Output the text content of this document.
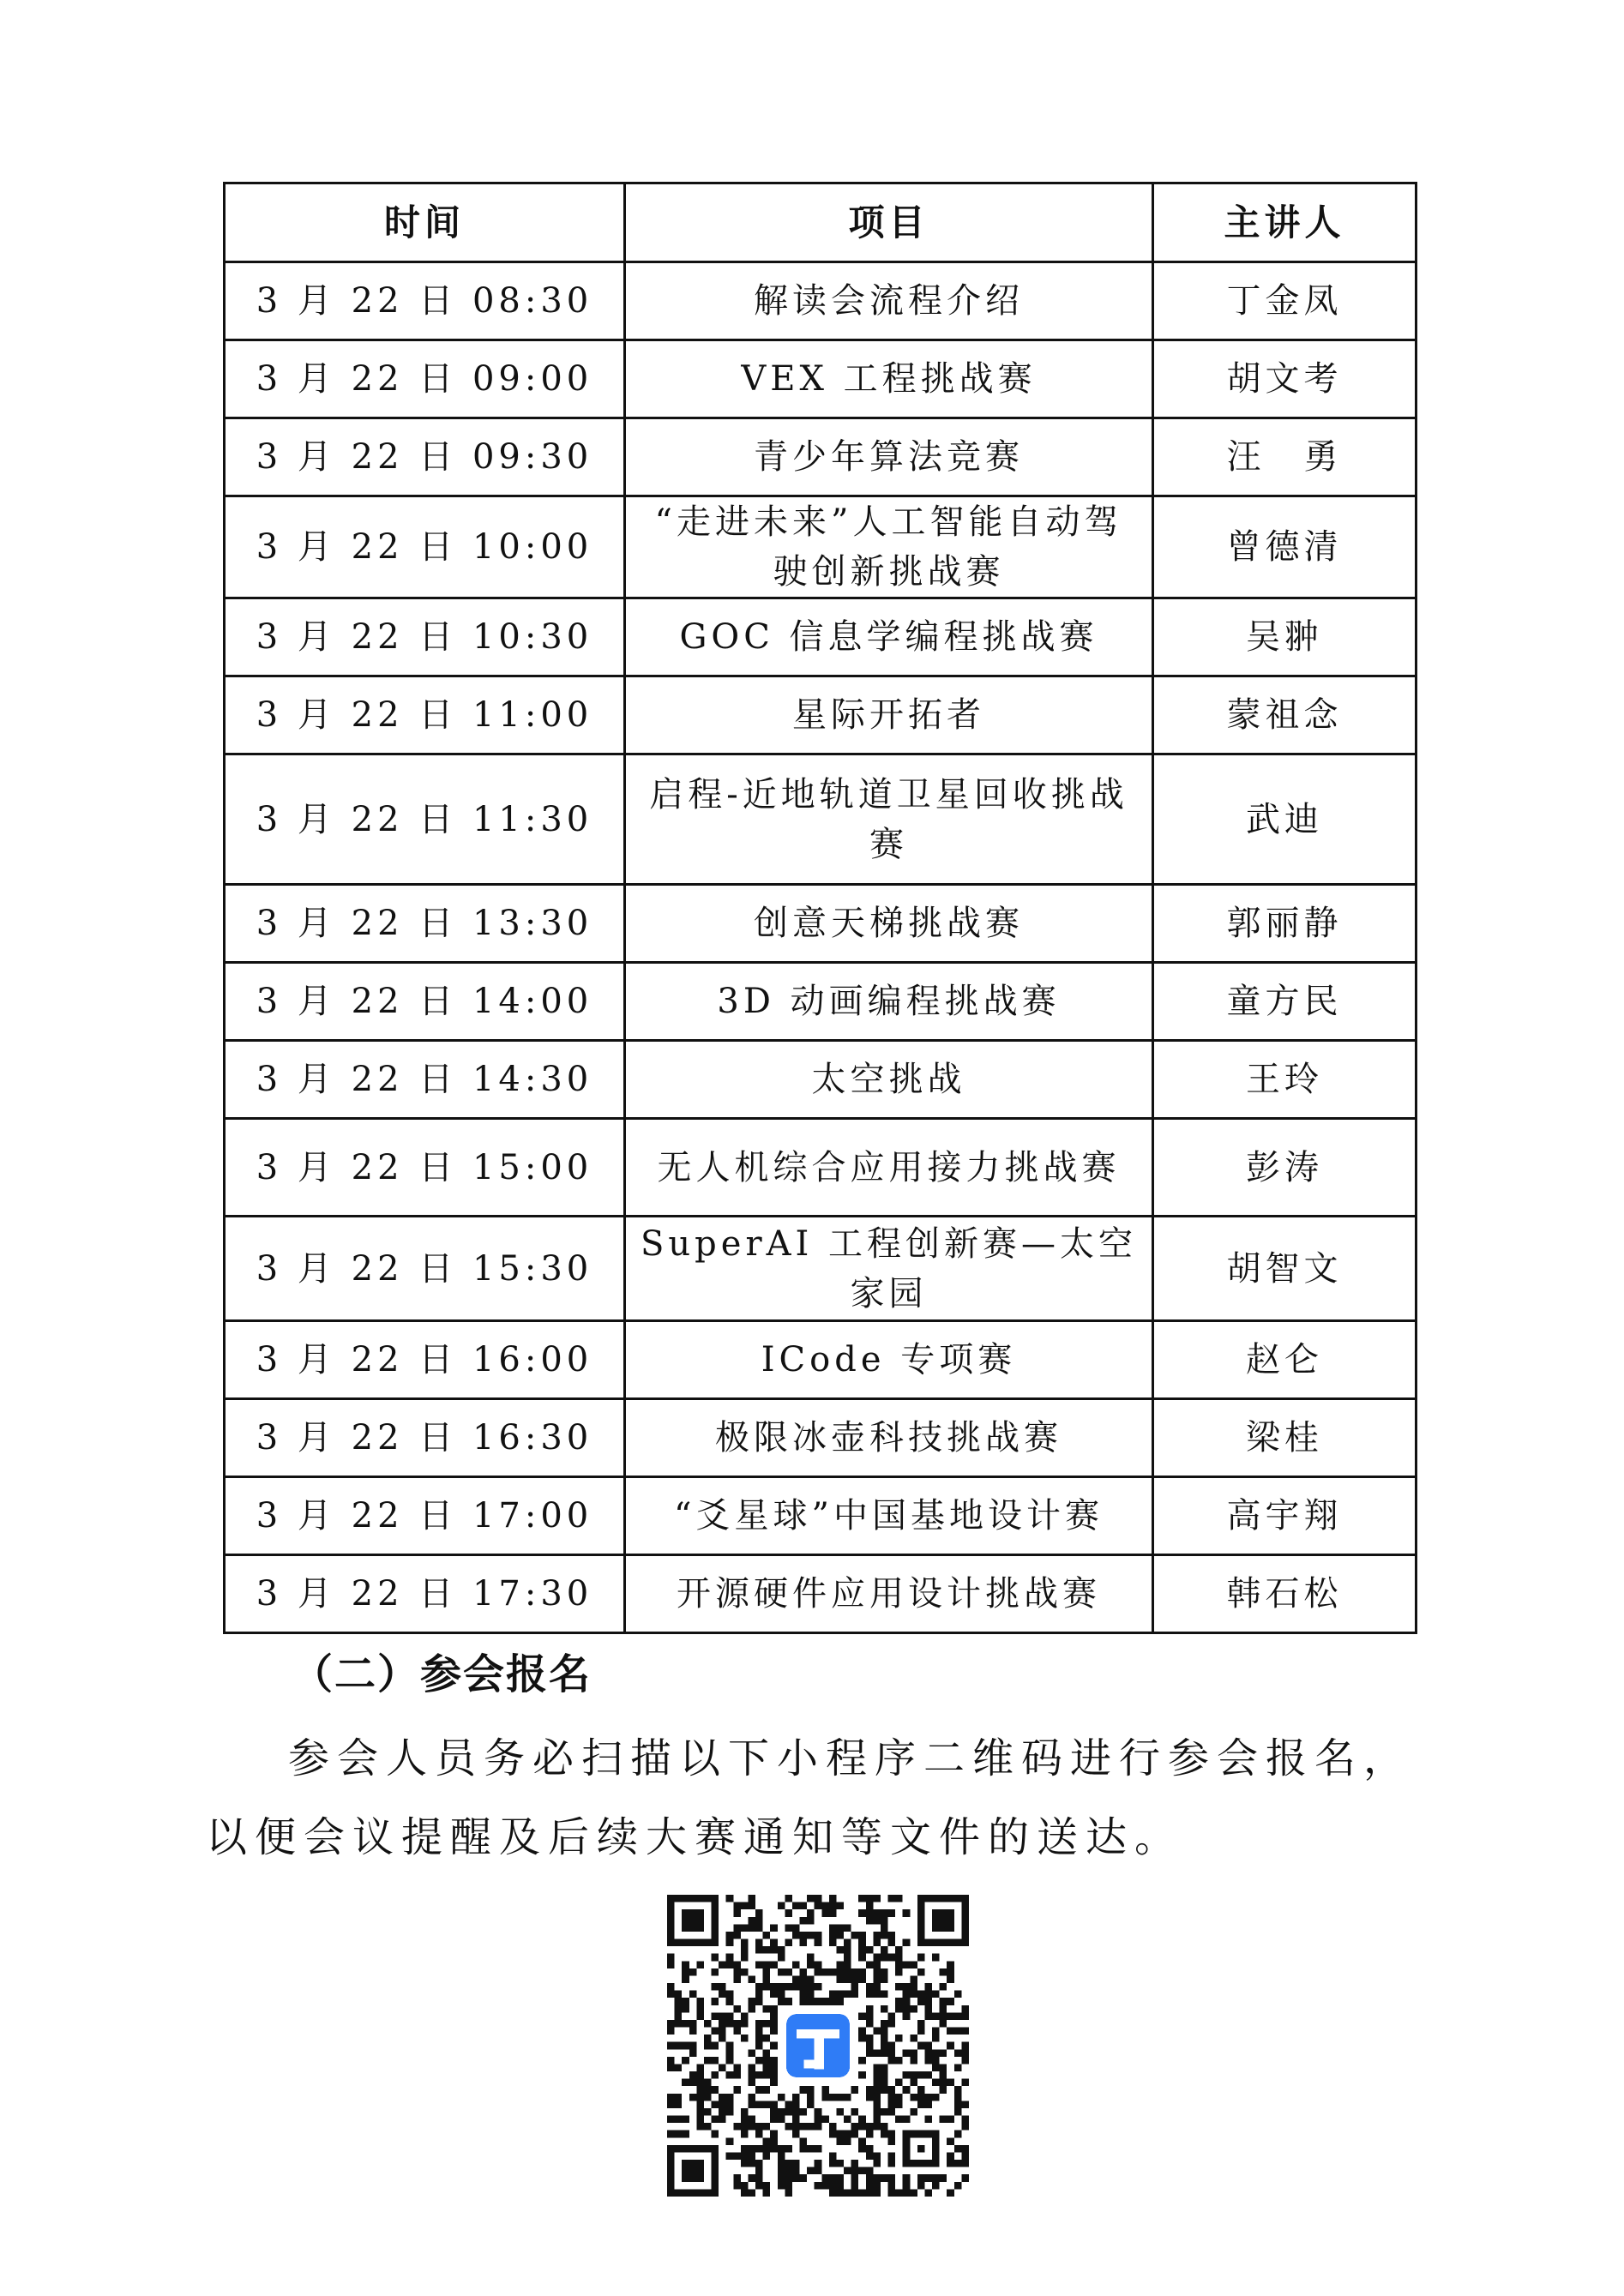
时间	项目	主讲人
3 月 22 日 08:30	解读会流程介绍	丁金凤
3 月 22 日 09:00	VEX 工程挑战赛	胡文考
3 月 22 日 09:30	青少年算法竞赛	汪　勇
3 月 22 日 10:00	“走进未来”人工智能自动驾驶创新挑战赛	曾德清
3 月 22 日 10:30	GOC 信息学编程挑战赛	吴翀
3 月 22 日 11:00	星际开拓者	蒙祖念
3 月 22 日 11:30	启程-近地轨道卫星回收挑战赛	武迪
3 月 22 日 13:30	创意天梯挑战赛	郭丽静
3 月 22 日 14:00	3D 动画编程挑战赛	童方民
3 月 22 日 14:30	太空挑战	王玲
3 月 22 日 15:00	无人机综合应用接力挑战赛	彭涛
3 月 22 日 15:30	SuperAI 工程创新赛—太空家园	胡智文
3 月 22 日 16:00	ICode 专项赛	赵仑
3 月 22 日 16:30	极限冰壶科技挑战赛	梁桂
3 月 22 日 17:00	“爻星球”中国基地设计赛	高宇翔
3 月 22 日 17:30	开源硬件应用设计挑战赛	韩石松
（二）参会报名
参会人员务必扫描以下小程序二维码进行参会报名，以便会议提醒及后续大赛通知等文件的送达。
